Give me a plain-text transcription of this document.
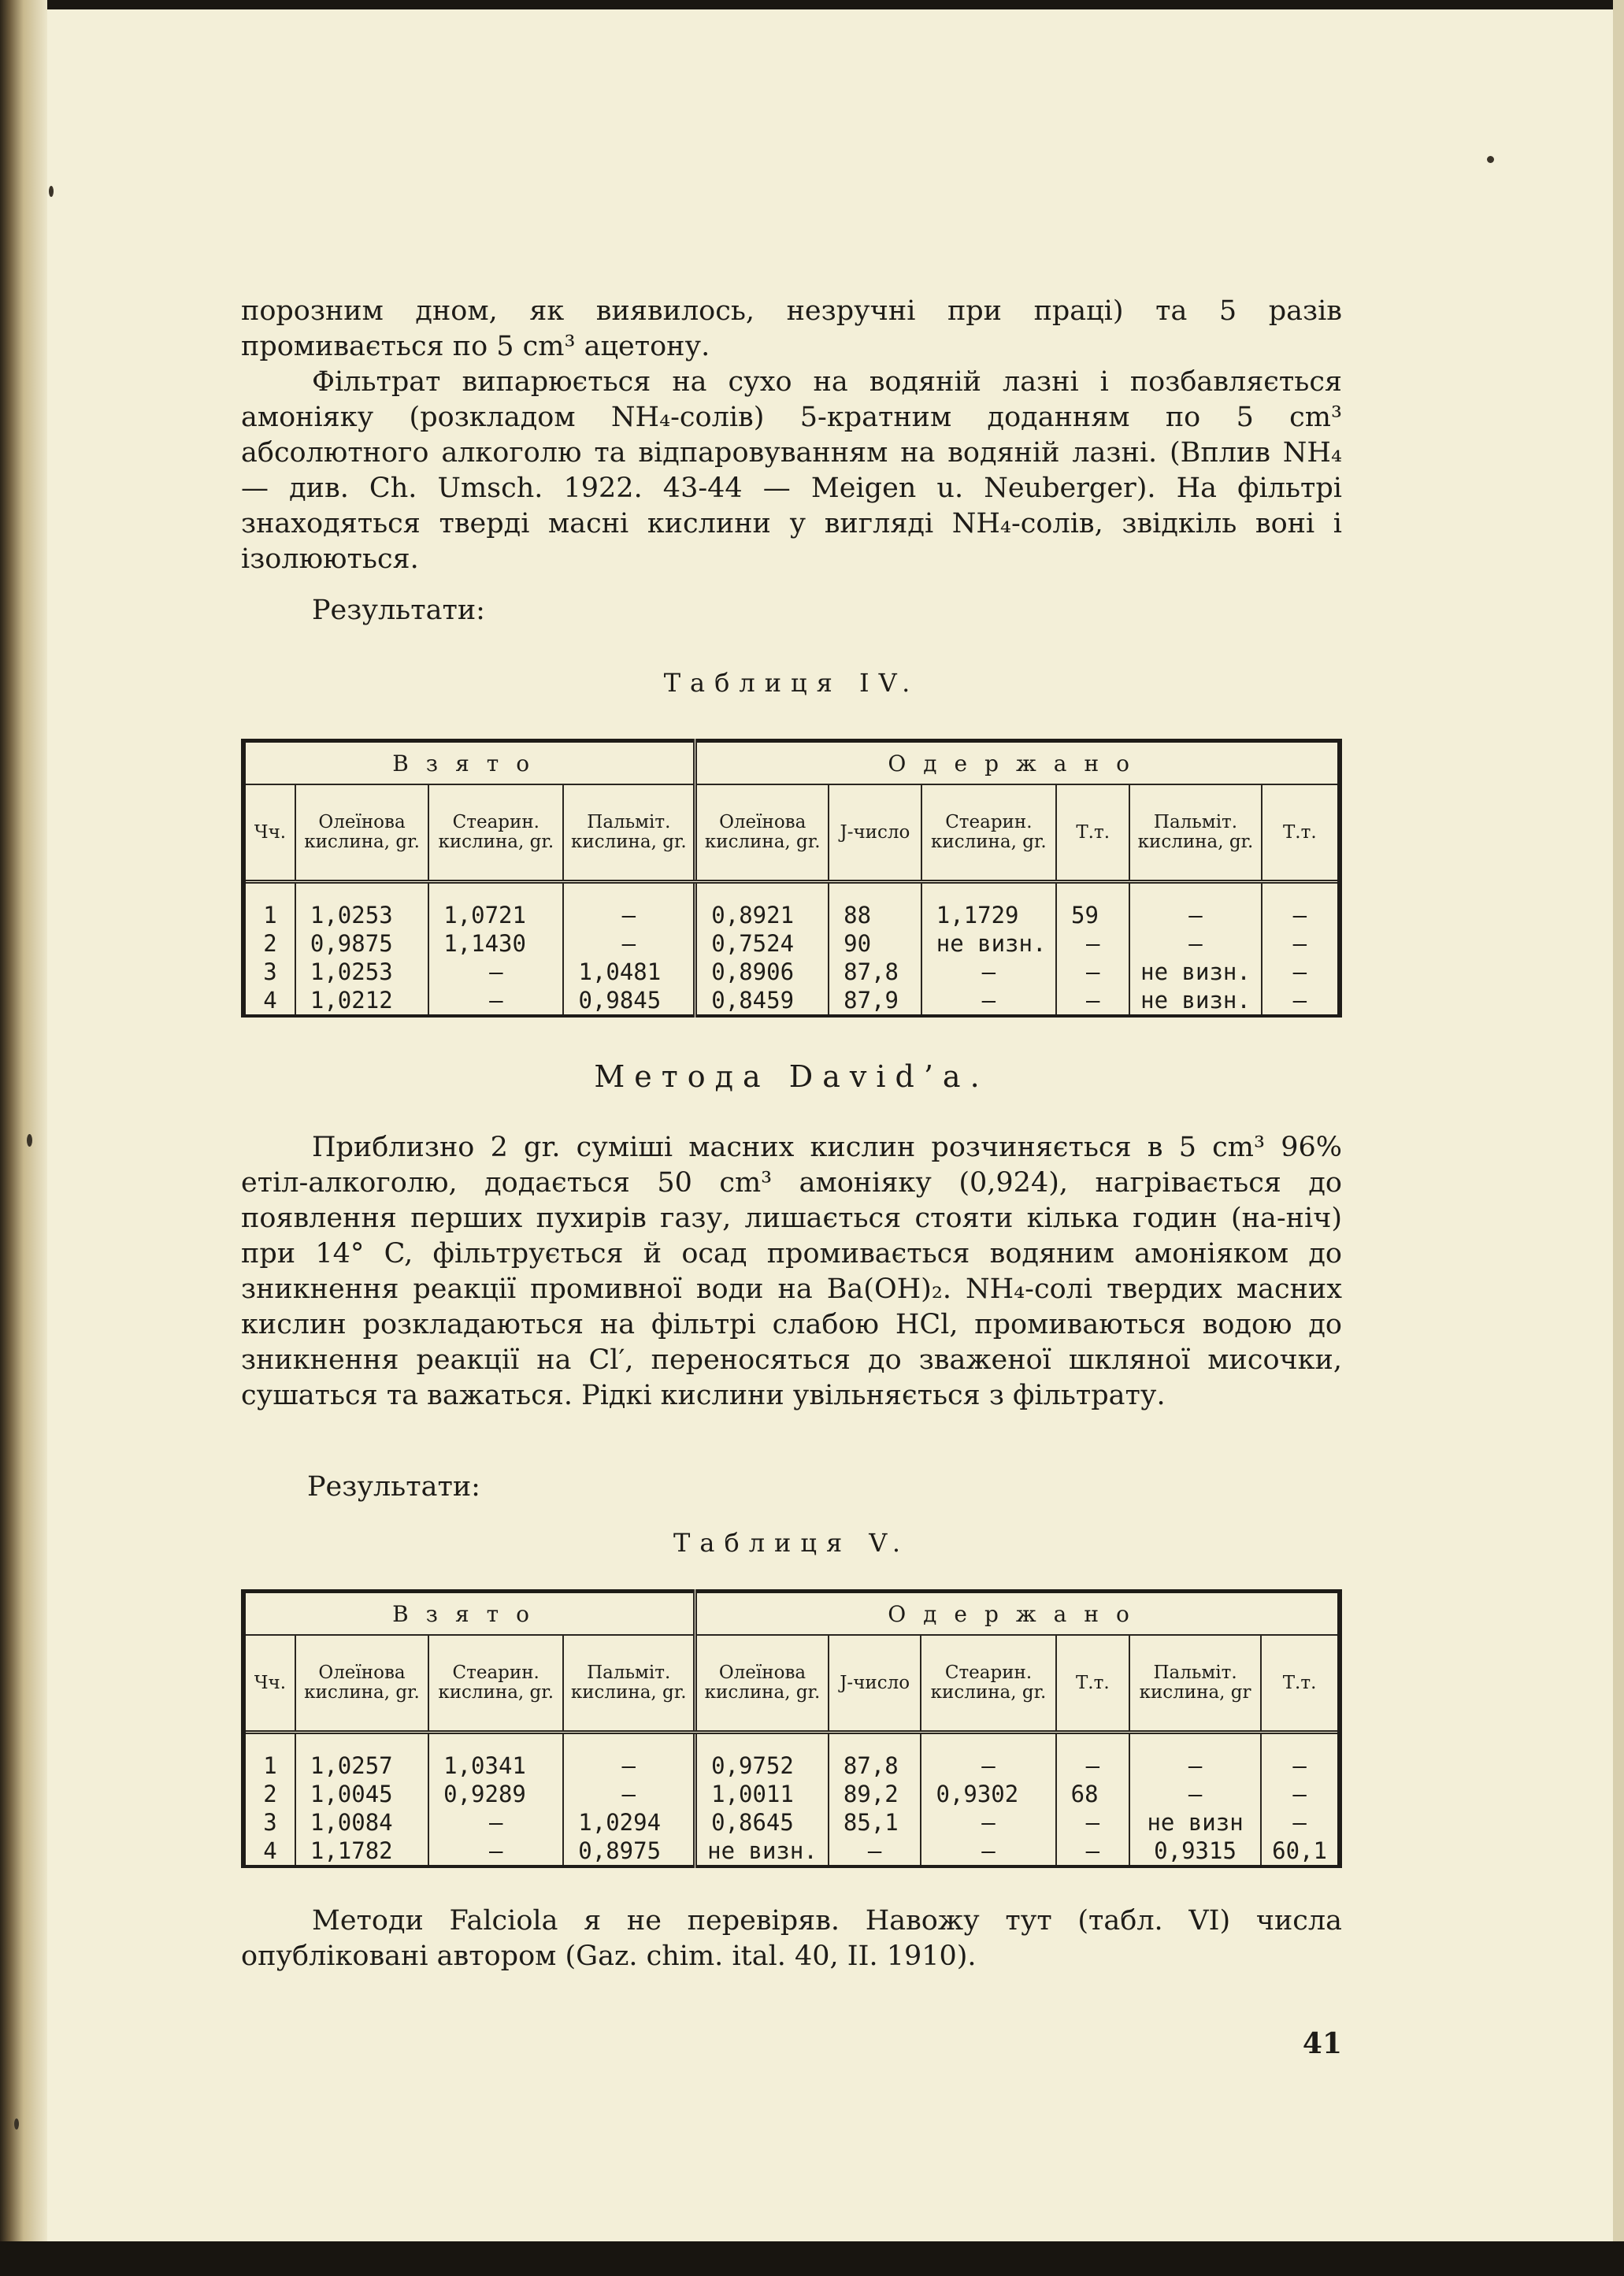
порозним дном, як виявилось, незручні при праці) та 5 разів промивається по 5 cm³ ацетону.

Фільтрат випарюється на сухо на водяній лазні і позбавляється амоніяку (розкладом NH₄-солів) 5-кратним доданням по 5 cm³ абсолютного алкоголю та відпаровуванням на водяній лазні. (Вплив NH₄ — див. Ch. Umsch. 1922. 43-44 — Meigen u. Neuberger). На фільтрі знаходяться тверді масні кислини у вигляді NH₄-солів, звідкіль воні і ізолюються.

Результати:
Таблиця IV.
Взято				Одержано					
Чч.	Олеїнова кислина, gr.	Стеарин. кислина, gr.	Пальміт. кислина, gr.	Олеїнова кислина, gr.	J-число	Стеарин. кислина, gr.	Т.т.	Пальміт. кислина, gr.	Т.т.
1	1,0253	1,0721	—	0,8921	88	1,1729	59	—	—
2	0,9875	1,1430	—	0,7524	90	не визн.	—	—	—
3	1,0253	—	1,0481	0,8906	87,8	—	—	не визн.	—
4	1,0212	—	0,9845	0,8459	87,9	—	—	не визн.	—
Метода David’a.

Приблизно 2 gr. суміші масних кислин розчиняється в 5 cm³ 96% етіл-алкоголю, додається 50 cm³ амоніяку (0,924), нагрівається до появлення перших пухирів газу, лишається стояти кілька годин (на-ніч) при 14° C, фільтрується й осад промивається водяним амоніяком до зникнення реакції промивної води на Ba(OH)₂. NH₄-солі твердих масних кислин розкладаються на фільтрі слабою HCl, промиваються водою до зникнення реакції на Cl′, переносяться до зваженої шкляної мисочки, сушаться та важаться. Рідкі кислини увільняється з фільтрату.

Результати:
Таблиця V.
Взято				Одержано					
Чч.	Олеїнова кислина, gr.	Стеарин. кислина, gr.	Пальміт. кислина, gr.	Олеїнова кислина, gr.	J-число	Стеарин. кислина, gr.	Т.т.	Пальміт. кислина, gr	Т.т.
1	1,0257	1,0341	—	0,9752	87,8	—	—	—	—
2	1,0045	0,9289	—	1,0011	89,2	0,9302	68	—	—
3	1,0084	—	1,0294	0,8645	85,1	—	—	не визн	—
4	1,1782	—	0,8975	не визн.	—	—	—	0,9315	60,1

Методи Falciola я не перевіряв. Навожу тут (табл. VI) числа опубліковані автором (Gaz. chim. ital. 40, II. 1910).

41
